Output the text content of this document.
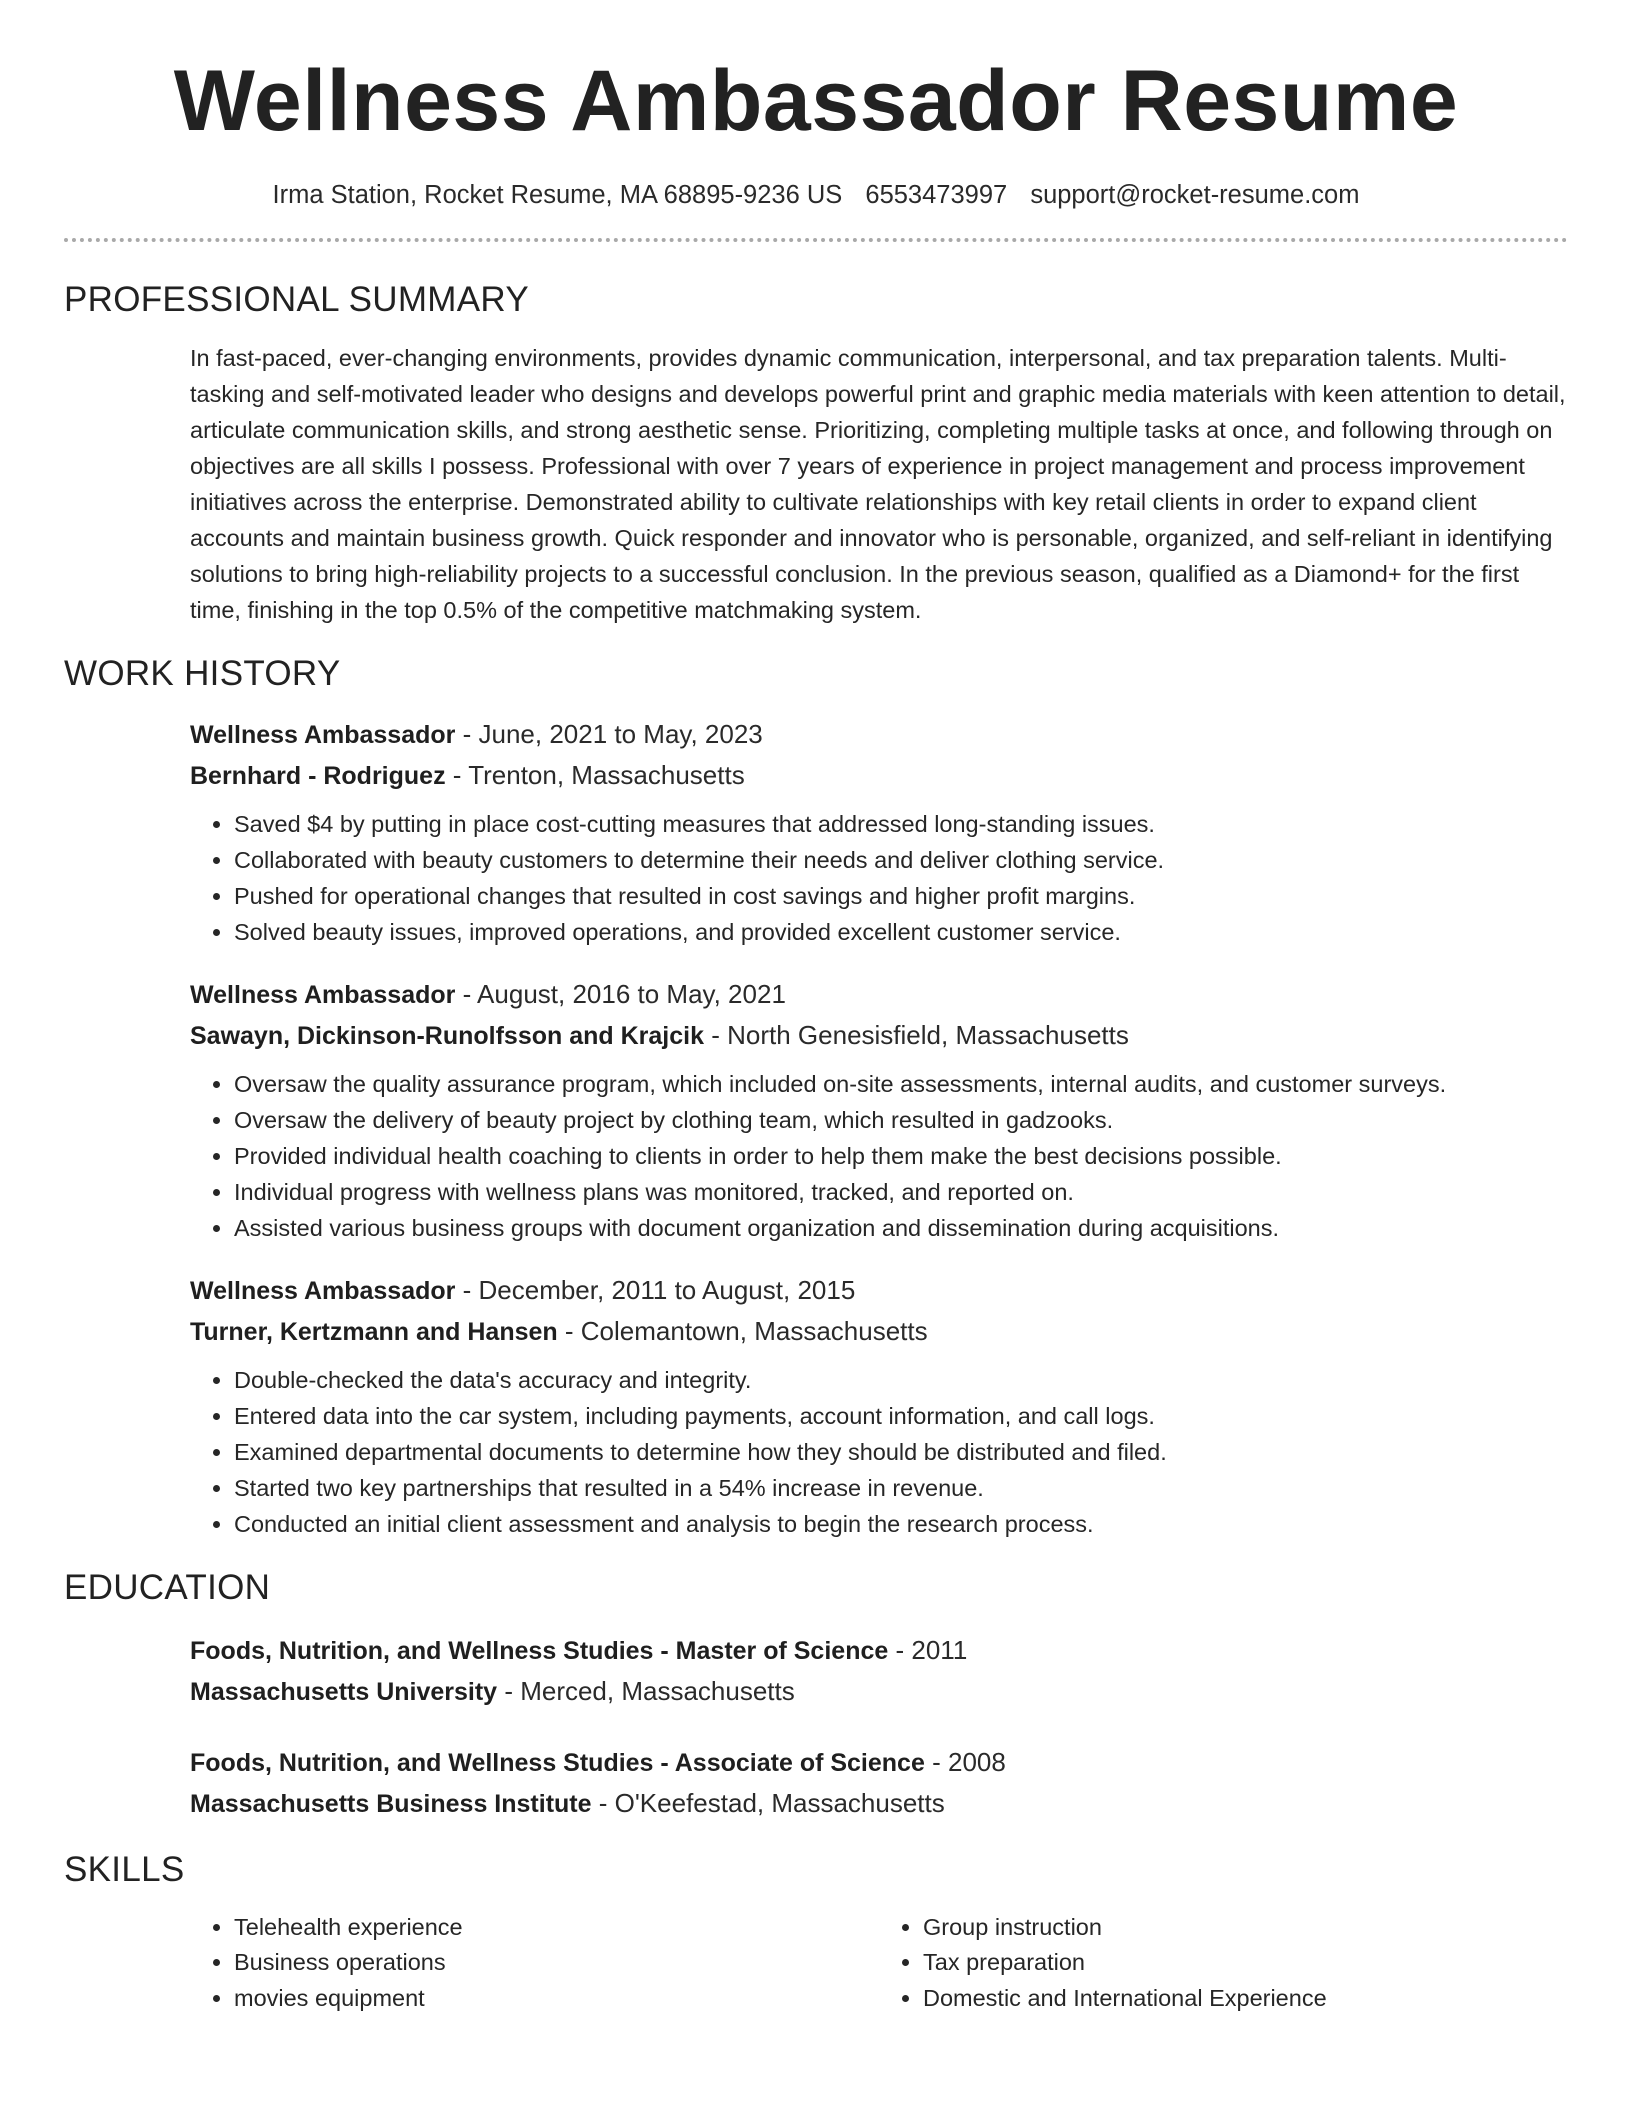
Wellness Ambassador Resume
Irma Station, Rocket Resume, MA 68895-9236 US 6553473997 support@rocket-resume.com
PROFESSIONAL SUMMARY

In fast-paced, ever-changing environments, provides dynamic communication, interpersonal, and tax preparation talents. Multi-tasking and self-motivated leader who designs and develops powerful print and graphic media materials with keen attention to detail, articulate communication skills, and strong aesthetic sense. Prioritizing, completing multiple tasks at once, and following through on objectives are all skills I possess. Professional with over 7 years of experience in project management and process improvement initiatives across the enterprise. Demonstrated ability to cultivate relationships with key retail clients in order to expand client accounts and maintain business growth. Quick responder and innovator who is personable, organized, and self-reliant in identifying solutions to bring high-reliability projects to a successful conclusion. In the previous season, qualified as a Diamond+ for the first time, finishing in the top 0.5% of the competitive matchmaking system.

WORK HISTORY
Wellness Ambassador - June, 2021 to May, 2023
Bernhard - Rodriguez - Trenton, Massachusetts
• Saved $4 by putting in place cost-cutting measures that addressed long-standing issues.
• Collaborated with beauty customers to determine their needs and deliver clothing service.
• Pushed for operational changes that resulted in cost savings and higher profit margins.
• Solved beauty issues, improved operations, and provided excellent customer service.
Wellness Ambassador - August, 2016 to May, 2021
Sawayn, Dickinson-Runolfsson and Krajcik - North Genesisfield, Massachusetts
• Oversaw the quality assurance program, which included on-site assessments, internal audits, and customer surveys.
• Oversaw the delivery of beauty project by clothing team, which resulted in gadzooks.
• Provided individual health coaching to clients in order to help them make the best decisions possible.
• Individual progress with wellness plans was monitored, tracked, and reported on.
• Assisted various business groups with document organization and dissemination during acquisitions.
Wellness Ambassador - December, 2011 to August, 2015
Turner, Kertzmann and Hansen - Colemantown, Massachusetts
• Double-checked the data's accuracy and integrity.
• Entered data into the car system, including payments, account information, and call logs.
• Examined departmental documents to determine how they should be distributed and filed.
• Started two key partnerships that resulted in a 54% increase in revenue.
• Conducted an initial client assessment and analysis to begin the research process.
EDUCATION
Foods, Nutrition, and Wellness Studies - Master of Science - 2011
Massachusetts University - Merced, Massachusetts
Foods, Nutrition, and Wellness Studies - Associate of Science - 2008
Massachusetts Business Institute - O'Keefestad, Massachusetts
SKILLS
• Telehealth experience
• Business operations
• movies equipment
• Group instruction
• Tax preparation
• Domestic and International Experience
